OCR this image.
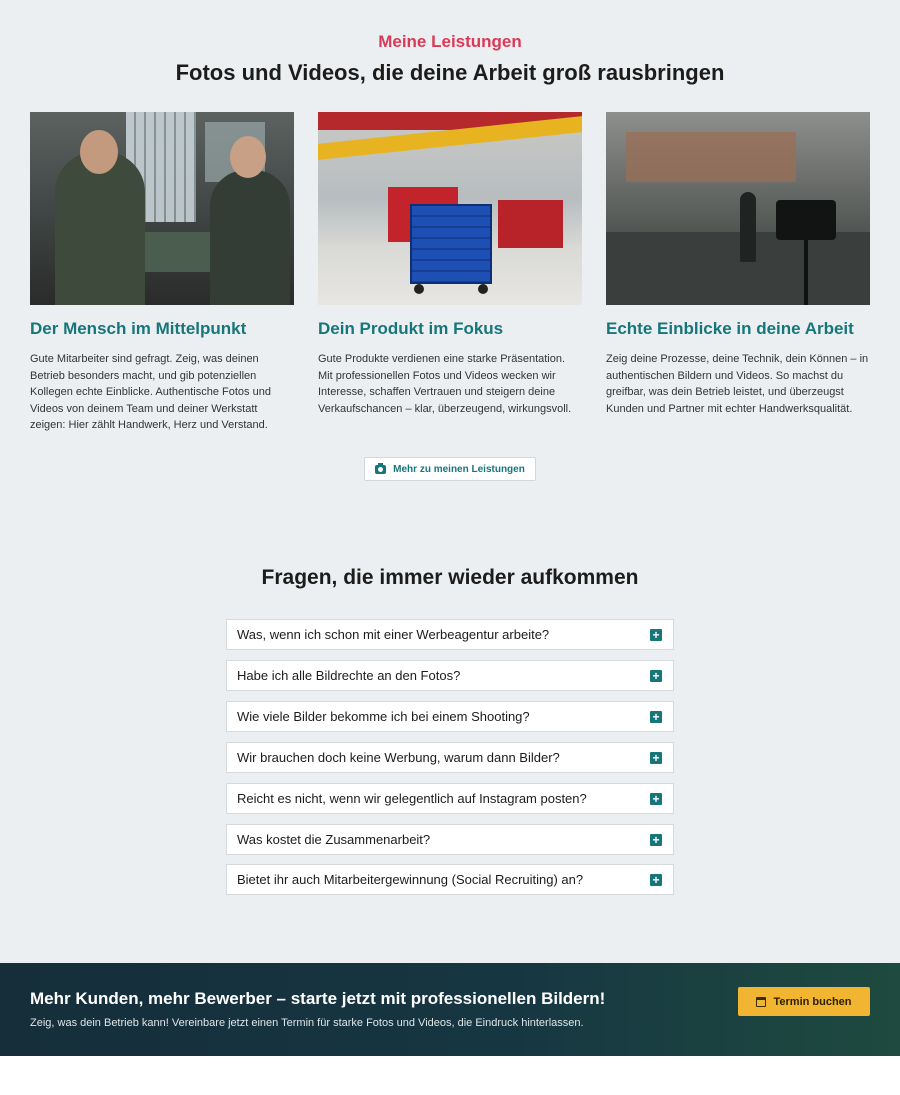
Meine Leistungen
Fotos und Videos, die deine Arbeit groß rausbringen
Der Mensch im Mittelpunkt

Gute Mitarbeiter sind gefragt. Zeig, was deinen Betrieb besonders macht, und gib potenziellen Kollegen echte Einblicke. Authentische Fotos und Videos von deinem Team und deiner Werkstatt zeigen: Hier zählt Handwerk, Herz und Verstand.

Dein Produkt im Fokus

Gute Produkte verdienen eine starke Präsentation. Mit professionellen Fotos und Videos wecken wir Interesse, schaffen Vertrauen und steigern deine Verkaufschancen – klar, überzeugend, wirkungsvoll.

Echte Einblicke in deine Arbeit

Zeig deine Prozesse, deine Technik, dein Können – in authentischen Bildern und Videos. So machst du greifbar, was dein Betrieb leistet, und überzeugst Kunden und Partner mit echter Handwerksqualität.

Mehr zu meinen Leistungen
Fragen, die immer wieder aufkommen
Was, wenn ich schon mit einer Werbeagentur arbeite?	+
Habe ich alle Bildrechte an den Fotos?	+
Wie viele Bilder bekomme ich bei einem Shooting?	+
Wir brauchen doch keine Werbung, warum dann Bilder?	+
Reicht es nicht, wenn wir gelegentlich auf Instagram posten?	+
Was kostet die Zusammenarbeit?	+
Bietet ihr auch Mitarbeitergewinnung (Social Recruiting) an?	+
Mehr Kunden, mehr Bewerber – starte jetzt mit professionellen Bildern!

Zeig, was dein Betrieb kann! Vereinbare jetzt einen Termin für starke Fotos und Videos, die Eindruck hinterlassen.

Termin buchen
